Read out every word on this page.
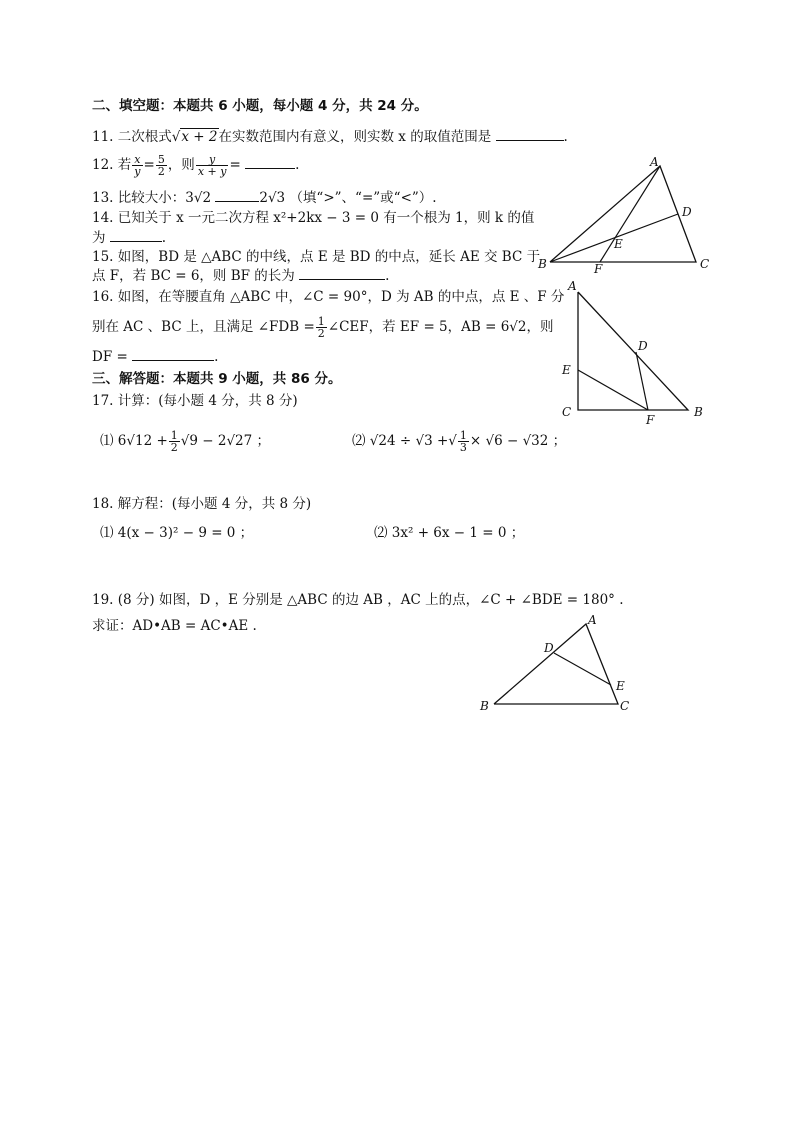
二、填空题：本题共 6 小题，每小题 4 分，共 24 分。
11. 二次根式√x + 2在实数范围内有意义，则实数 x 的取值范围是	.
12. 若 $\frac{x}{y} = \frac{5}{2}$ ，则 $\frac{y}{x + y}$ =	.
13. 比较大小：3√2	2√3 （填“>”、“=”或“<”）.
14. 已知关于 x 一元二次方程 x²+2kx − 3 = 0 有一个根为 1，则 k 的值
为	.
15. 如图，BD 是 △ABC 的中线，点 E 是 BD 的中点，延长 AE 交 BC 于
点 F，若 BC = 6，则 BF 的长为	.
16. 如图，在等腰直角 △ABC 中，∠C = 90°，D 为 AB 的中点，点 E 、F 分
别在 AC 、BC 上，且满足 ∠FDB = $\frac{1}{2}$ ∠CEF，若 EF = 5，AB = 6√2，则
DF =	.
三、解答题：本题共 9 小题，共 86 分。
17. 计算：(每小题 4 分，共 8 分)
⑴ $6√12 + \frac{1}{2} √9 - 2√27$ ；	⑵ √24 ÷ √3 +√ $\frac{1}{3} \times √6 - √32$ ；
18. 解方程：(每小题 4 分，共 8 分)
⑴ 4(x − 3)² − 9 = 0 ；	⑵ 3x² + 6x − 1 = 0 ；
19. (8 分) 如图，D ，E 分别是 △ABC 的边 AB ，AC 上的点，∠C + ∠BDE = 180° .
求证：AD•AB = AC•AE .
A
D
E
B	F	C
A
D
E
C
F
B
A
D
E
B	C
